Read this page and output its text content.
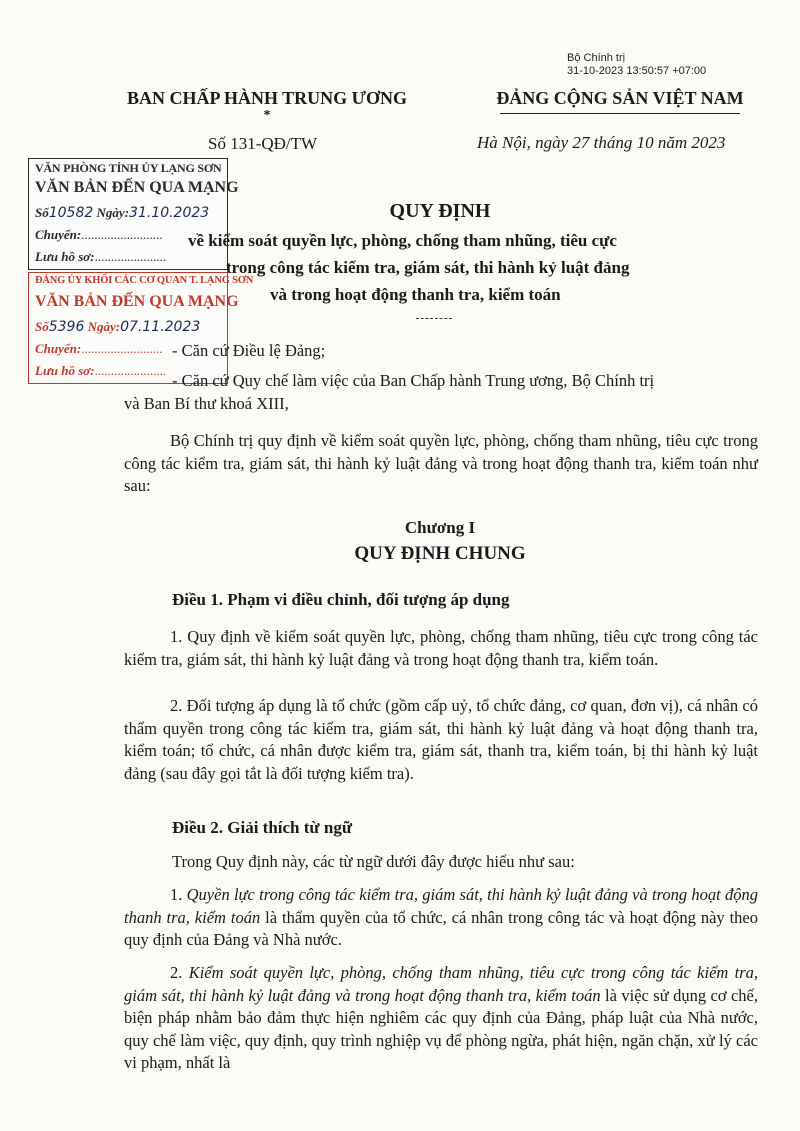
Bộ Chính trị
31-10-2023 13:50:57 +07:00
BAN CHẤP HÀNH TRUNG ƯƠNG
*
ĐẢNG CỘNG SẢN VIỆT NAM
Số 131-QĐ/TW	Hà Nội, ngày 27 tháng 10 năm 2023
VĂN PHÒNG TỈNH ỦY LẠNG SƠN
VĂN BẢN ĐẾN QUA MẠNG
Số10582 Ngày:31.10.2023
Chuyển:.........................
Lưu hồ sơ:......................
ĐẢNG ỦY KHỐI CÁC CƠ QUAN T. LẠNG SƠN
VĂN BẢN ĐẾN QUA MẠNG
Số5396 Ngày:07.11.2023
Chuyển:.........................
Lưu hồ sơ:......................
QUY ĐỊNH
về kiểm soát quyền lực, phòng, chống tham nhũng, tiêu cực
trong công tác kiểm tra, giám sát, thi hành kỷ luật đảng
và trong hoạt động thanh tra, kiểm toán
- Căn cứ Điều lệ Đảng;
- Căn cứ Quy chế làm việc của Ban Chấp hành Trung ương, Bộ Chính trị
và Ban Bí thư khoá XIII,
Bộ Chính trị quy định về kiểm soát quyền lực, phòng, chống tham nhũng, tiêu cực trong công tác kiểm tra, giám sát, thi hành kỷ luật đảng và trong hoạt động thanh tra, kiểm toán như sau:
Chương I
QUY ĐỊNH CHUNG
Điều 1. Phạm vi điều chỉnh, đối tượng áp dụng
1. Quy định về kiểm soát quyền lực, phòng, chống tham nhũng, tiêu cực trong công tác kiểm tra, giám sát, thi hành kỷ luật đảng và trong hoạt động thanh tra, kiểm toán.
2. Đối tượng áp dụng là tổ chức (gồm cấp uỷ, tổ chức đảng, cơ quan, đơn vị), cá nhân có thẩm quyền trong công tác kiểm tra, giám sát, thi hành kỷ luật đảng và hoạt động thanh tra, kiểm toán; tổ chức, cá nhân được kiểm tra, giám sát, thanh tra, kiểm toán, bị thi hành kỷ luật đảng (sau đây gọi tắt là đối tượng kiểm tra).
Điều 2. Giải thích từ ngữ
Trong Quy định này, các từ ngữ dưới đây được hiểu như sau:
1. Quyền lực trong công tác kiểm tra, giám sát, thi hành kỷ luật đảng và trong hoạt động thanh tra, kiểm toán là thẩm quyền của tổ chức, cá nhân trong công tác và hoạt động này theo quy định của Đảng và Nhà nước.
2. Kiểm soát quyền lực, phòng, chống tham nhũng, tiêu cực trong công tác kiểm tra, giám sát, thi hành kỷ luật đảng và trong hoạt động thanh tra, kiểm toán là việc sử dụng cơ chế, biện pháp nhằm bảo đảm thực hiện nghiêm các quy định của Đảng, pháp luật của Nhà nước, quy chế làm việc, quy định, quy trình nghiệp vụ để phòng ngừa, phát hiện, ngăn chặn, xử lý các vi phạm, nhất là
